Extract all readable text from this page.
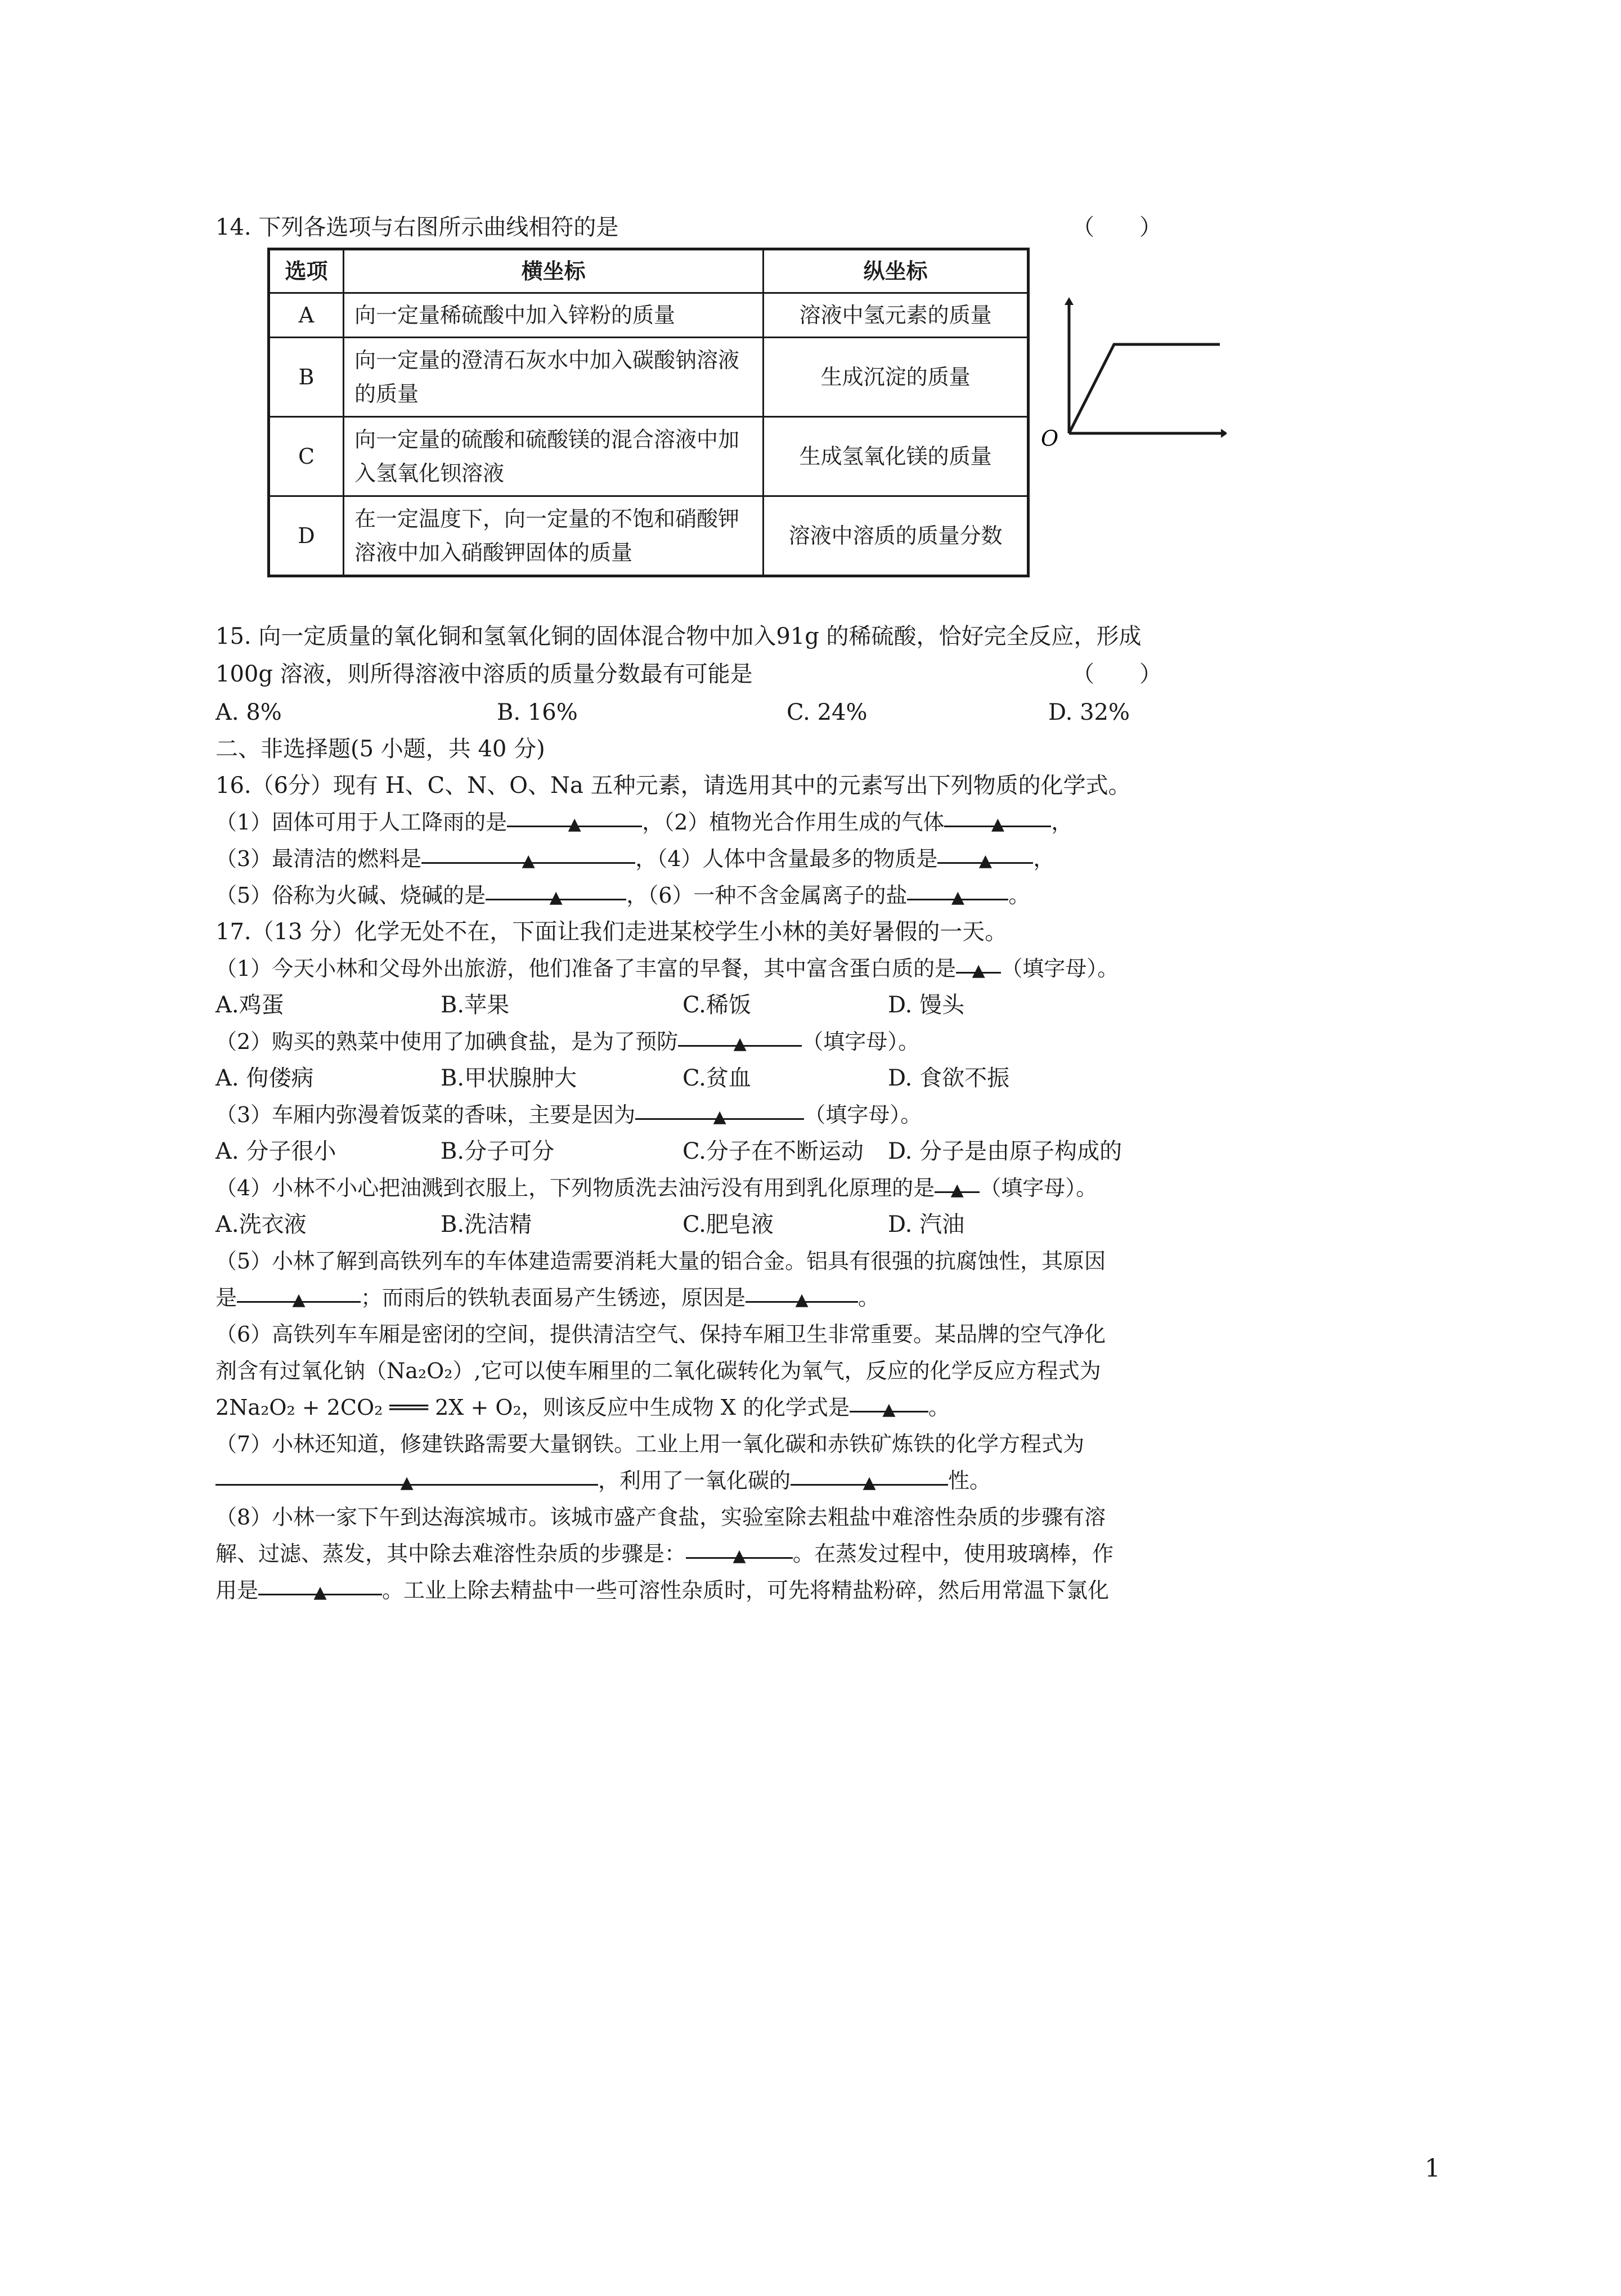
14. 下列各选项与右图所示曲线相符的是	（　　）
选项	横坐标	纵坐标
A	向一定量稀硫酸中加入锌粉的质量	溶液中氢元素的质量
B	向一定量的澄清石灰水中加入碳酸钠溶液的质量	生成沉淀的质量
C	向一定量的硫酸和硫酸镁的混合溶液中加入氢氧化钡溶液	生成氢氧化镁的质量
D	在一定温度下，向一定量的不饱和硝酸钾溶液中加入硝酸钾固体的质量	溶液中溶质的质量分数
O
15. 向一定质量的氧化铜和氢氧化铜的固体混合物中加入91g 的稀硫酸，恰好完全反应，形成
100g 溶液，则所得溶液中溶质的质量分数最有可能是	（　　）
A. 8%	B. 16%	C. 24%	D. 32%
二、非选择题(5 小题，共 40 分)
16.（6分）现有 H、C、N、O、Na 五种元素，请选用其中的元素写出下列物质的化学式。
（1）固体可用于人工降雨的是	▲	，（2）植物光合作用生成的气体	▲ ，
（3）最清洁的燃料是	▲	，（4）人体中含量最多的物质是 ▲ ，
（5）俗称为火碱、烧碱的是	▲	，（6）一种不含金属离子的盐	▲ 。
17.（13 分）化学无处不在，下面让我们走进某校学生小林的美好暑假的一天。
（1）今天小林和父母外出旅游，他们准备了丰富的早餐，其中富含蛋白质的是 ▲ （填字母）。
A.鸡蛋	B.苹果	C.稀饭	D. 馒头
（2）购买的熟菜中使用了加碘食盐，是为了预防	▲	（填字母）。
A. 佝偻病	B.甲状腺肿大	C.贫血	D. 食欲不振
（3）车厢内弥漫着饭菜的香味，主要是因为	▲	（填字母）。
A. 分子很小	B.分子可分	C.分子在不断运动 D. 分子是由原子构成的
（4）小林不小心把油溅到衣服上，下列物质洗去油污没有用到乳化原理的是 ▲ （填字母）。
A.洗衣液	B.洗洁精	C.肥皂液	D. 汽油
（5）小林了解到高铁列车的车体建造需要消耗大量的铝合金。铝具有很强的抗腐蚀性，其原因
是	▲	；而雨后的铁轨表面易产生锈迹，原因是	▲ 。
（6）高铁列车车厢是密闭的空间，提供清洁空气、保持车厢卫生非常重要。某品牌的空气净化
剂含有过氧化钠（Na₂O₂）,它可以使车厢里的二氧化碳转化为氧气，反应的化学反应方程式为
2Na₂O₂ + 2CO₂ ═══ 2X + O₂，则该反应中生成物 X 的化学式是 ▲ 。
（7）小林还知道，修建铁路需要大量钢铁。工业上用一氧化碳和赤铁矿炼铁的化学方程式为
▲	，利用了一氧化碳的	▲	性。
（8）小林一家下午到达海滨城市。该城市盛产食盐，实验室除去粗盐中难溶性杂质的步骤有溶
解、过滤、蒸发，其中除去难溶性杂质的步骤是：	▲ 。在蒸发过程中，使用玻璃棒，作
用是	▲	。工业上除去精盐中一些可溶性杂质时，可先将精盐粉碎，然后用常温下氯化
1
